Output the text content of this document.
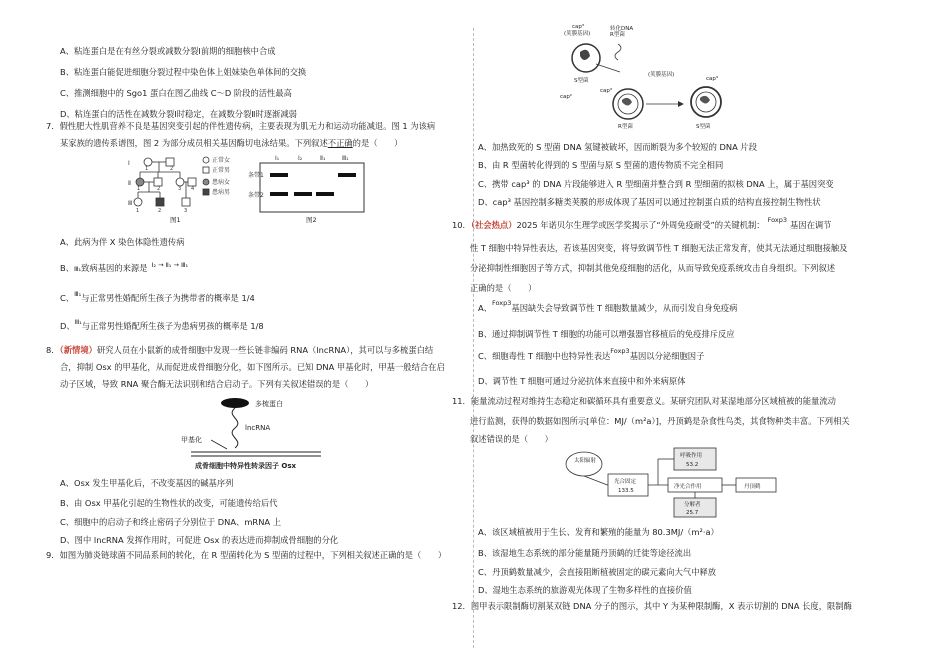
A、粘连蛋白是在有丝分裂或减数分裂Ⅰ前期的细胞核中合成
B、粘连蛋白能促进细胞分裂过程中染色体上姐妹染色单体间的交换
C、推测细胞中的 Sgo1 蛋白在图乙曲线 C～D 阶段的活性最高
D、粘连蛋白的活性在减数分裂Ⅰ时稳定，在减数分裂Ⅱ时逐渐减弱
7．假性肥大性肌营养不良是基因突变引起的伴性遗传病，主要表现为肌无力和运动功能减退。图 1 为该病
某家族的遗传系谱图，图 2 为部分成员相关基因酶切电泳结果。下列叙述不正确的是（　　）
Ⅰ
Ⅱ
Ⅲ
1	2
1	2	3 4
1	2	3
正常女
正常男
患病女
患病男
图1
Ⅰ₁	Ⅰ₂	Ⅱ₁	Ⅲ₁
条带1
条带2
图2
A、此病为伴 X 染色体隐性遗传病
B、Ⅲ₁致病基因的来源是 $^{Ⅰ_2 \to Ⅱ_1 \to Ⅲ_1}$
C、$^{Ⅲ_1}$与正常男性婚配所生孩子为携带者的概率是 1/4
D、$^{Ⅲ_1}$与正常男性婚配所生孩子为患病男孩的概率是 1/8
8．（新情境）研究人员在小鼠新的成骨细胞中发现一些长链非编码 RNA（lncRNA），其可以与多梳蛋白结
合，抑制 Osx 的甲基化，从而促进成骨细胞分化，如下图所示。已知 DNA 甲基化时，甲基一般结合在启
动子区域，导致 RNA 聚合酶无法识别和结合启动子。下列有关叙述错误的是（　　）
多梳蛋白
lncRNA
甲基化
成骨细胞中特异性转录因子 Osx
A、Osx 发生甲基化后，不改变基因的碱基序列
B、由 Osx 甲基化引起的生物性状的改变，可能遗传给后代
C、细胞中的启动子和终止密码子分别位于 DNA、mRNA 上
D、图中 lncRNA 发挥作用时，可促进 Osx 的表达进而抑制成骨细胞的分化
9．如图为肺炎链球菌不同品系间的转化，在 R 型菌转化为 S 型菌的过程中，下列相关叙述正确的是（　　）
cap³
(荚膜基因)
转化DNA
R型菌
S型菌
cap²
R型菌
cap³
(荚膜基因)
cap³
S型菌
A、加热致死的 S 型菌 DNA 氢键被破坏，因而断裂为多个较短的 DNA 片段
B、由 R 型菌转化得到的 S 型菌与原 S 型菌的遗传物质不完全相同
C、携带 cap³ 的 DNA 片段能够进入 R 型细菌并整合到 R 型细菌的拟核 DNA 上，属于基因突变
D、cap³ 基因控制多糖类荚膜的形成体现了基因可以通过控制蛋白质的结构直接控制生物性状
10．（社会热点）2025 年诺贝尔生理学或医学奖揭示了“外周免疫耐受”的关键机制： $^{Foxp3}$ 基因在调节
性 T 细胞中特异性表达，若该基因突变，将导致调节性 T 细胞无法正常发育，使其无法通过细胞接触及
分泌抑制性细胞因子等方式，抑制其他免疫细胞的活化，从而导致免疫系统攻击自身组织。下列叙述
正确的是（　　）
A、$^{Foxp3}$基因缺失会导致调节性 T 细胞数量减少，从而引发自身免疫病
B、通过抑制调节性 T 细胞的功能可以增强器官移植后的免疫排斥反应
C、细胞毒性 T 细胞中也特异性表达$^{Foxp3}$基因以分泌细胞因子
D、调节性 T 细胞可通过分泌抗体来直接中和外来病原体
11．能量流动过程对维持生态稳定和碳循环具有重要意义。某研究团队对某湿地部分区域植被的能量流动
进行监测，获得的数据如图所示[单位：MJ/（m²a）]，丹顶鹤是杂食性鸟类，其食物种类丰富。下列相关
叙述错误的是（　　）
太阳辐射
光合固定
133.5
呼吸作用
53.2
净光合作用	丹顶鹤
分解者
25.7
A、该区域植被用于生长、发育和繁殖的能量为 80.3MJ/（m²·a）
B、该湿地生态系统的部分能量随丹顶鹤的迁徙等途径流出
C、丹顶鹤数量减少，会直接阻断植被固定的碳元素向大气中释放
D、湿地生态系统的旅游观光体现了生物多样性的直接价值
12．图甲表示限制酶切割某双链 DNA 分子的图示，其中 Y 为某种限制酶，X 表示切割的 DNA 长度，限制酶
